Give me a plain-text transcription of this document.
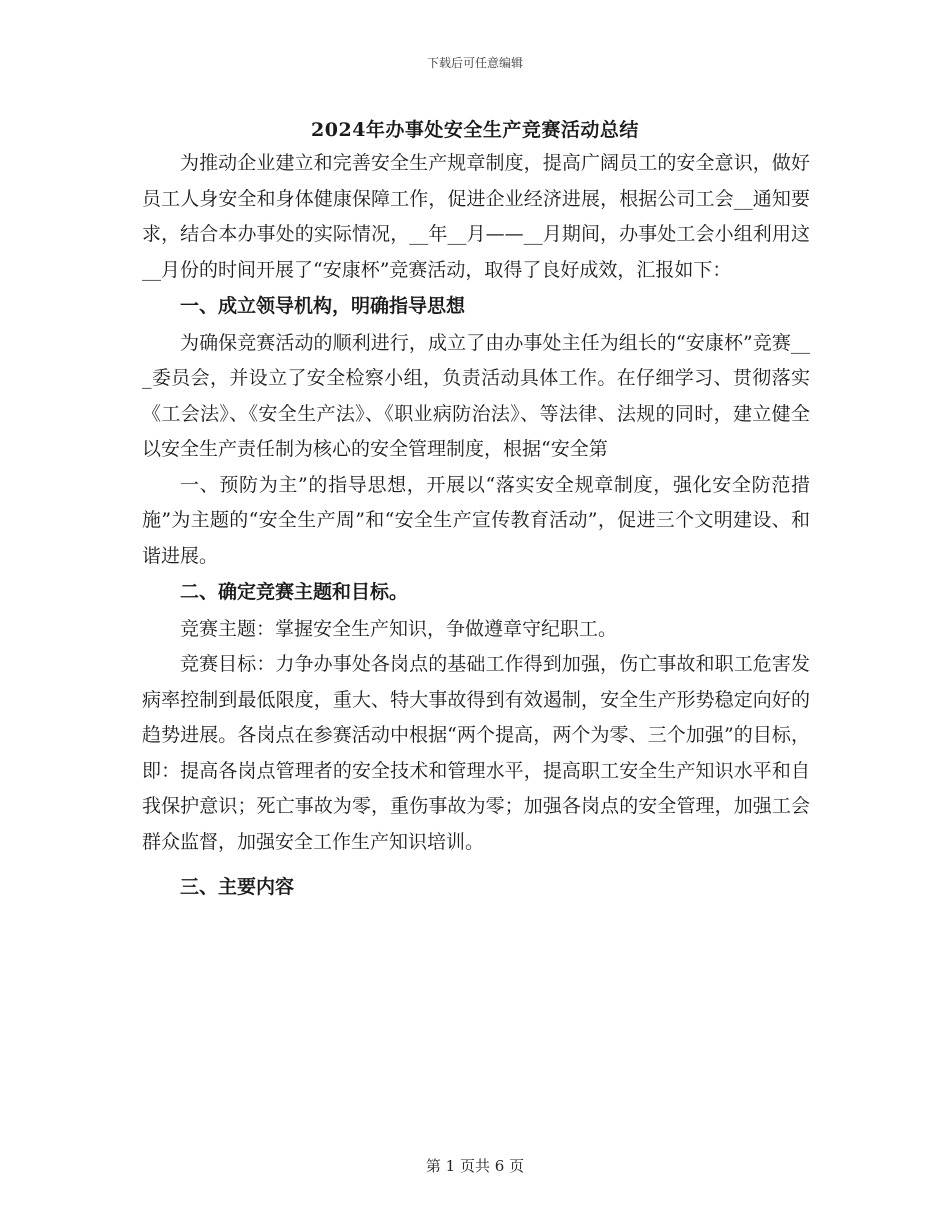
下载后可任意编辑
2024年办事处安全生产竞赛活动总结

为推动企业建立和完善安全生产规章制度，提高广阔员工的安全意识，做好员工人身安全和身体健康保障工作，促进企业经济进展，根据公司工会__通知要求，结合本办事处的实际情况，__年__月——__月期间，办事处工会小组利用这__月份的时间开展了“安康杯”竞赛活动，取得了良好成效，汇报如下：

一、成立领导机构，明确指导思想

为确保竞赛活动的顺利进行，成立了由办事处主任为组长的“安康杯”竞赛___委员会，并设立了安全检察小组，负责活动具体工作。在仔细学习、贯彻落实《工会法》、《安全生产法》、《职业病防治法》、等法律、法规的同时，建立健全以安全生产责任制为核心的安全管理制度，根据“安全第

一、预防为主”的指导思想，开展以“落实安全规章制度，强化安全防范措施”为主题的“安全生产周”和“安全生产宣传教育活动”，促进三个文明建设、和谐进展。

二、确定竞赛主题和目标。

竞赛主题：掌握安全生产知识，争做遵章守纪职工。

竞赛目标：力争办事处各岗点的基础工作得到加强，伤亡事故和职工危害发病率控制到最低限度，重大、特大事故得到有效遏制，安全生产形势稳定向好的趋势进展。各岗点在参赛活动中根据“两个提高，两个为零、三个加强”的目标，即：提高各岗点管理者的安全技术和管理水平，提高职工安全生产知识水平和自我保护意识；死亡事故为零，重伤事故为零；加强各岗点的安全管理，加强工会群众监督，加强安全工作生产知识培训。

三、主要内容

第 1 页共 6 页
